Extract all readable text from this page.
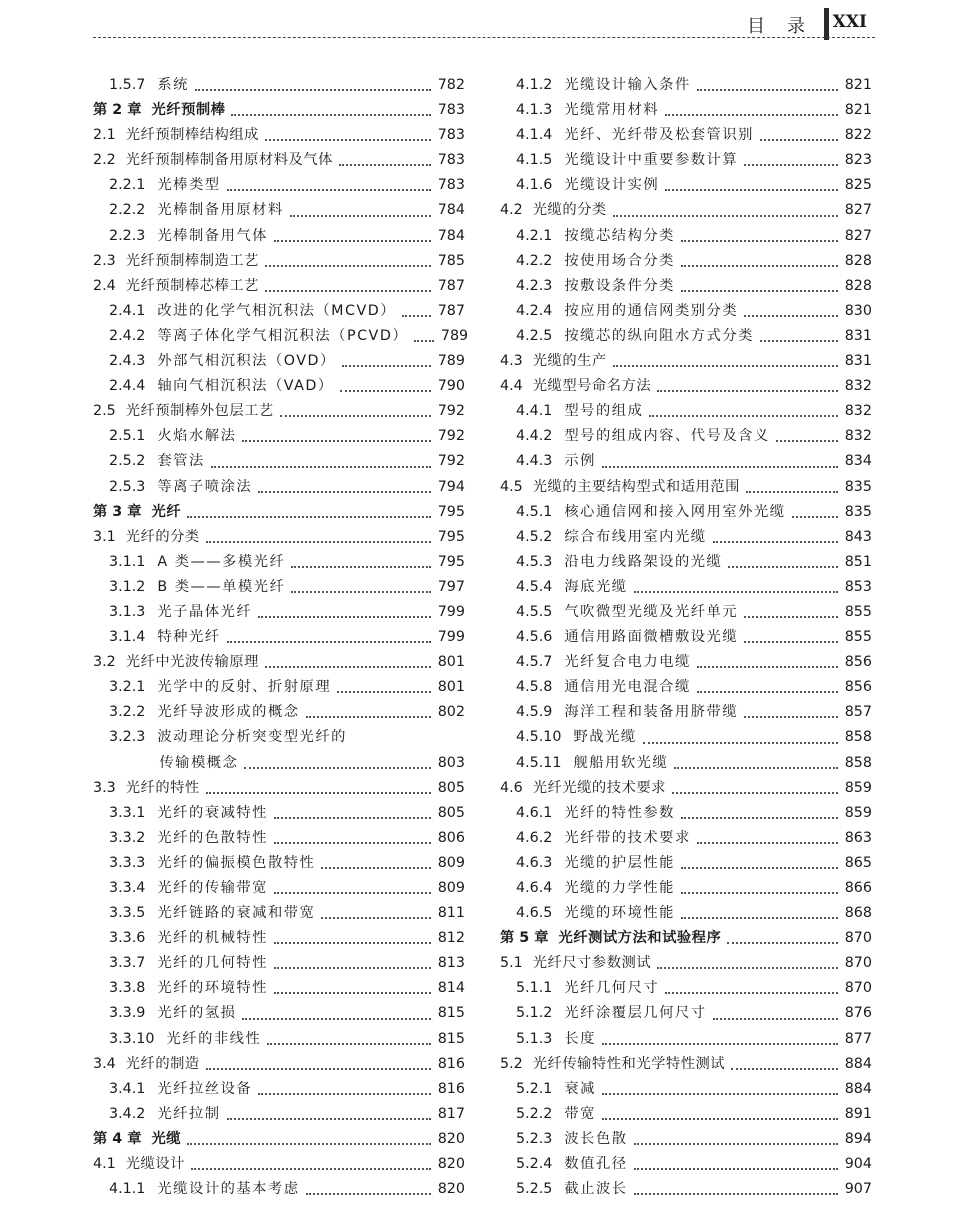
目　录 XXI
1.5.7 系统	782
第 2 章 光纤预制棒	783
2.1 光纤预制棒结构组成	783
2.2 光纤预制棒制备用原材料及气体	783
2.2.1 光棒类型	783
2.2.2 光棒制备用原材料	784
2.2.3 光棒制备用气体	784
2.3 光纤预制棒制造工艺	785
2.4 光纤预制棒芯棒工艺	787
2.4.1 改进的化学气相沉积法（MCVD）	787
2.4.2 等离子体化学气相沉积法（PCVD） 789
2.4.3 外部气相沉积法（OVD）	789
2.4.4 轴向气相沉积法（VAD）	790
2.5 光纤预制棒外包层工艺	792
2.5.1 火焰水解法	792
2.5.2 套管法	792
2.5.3 等离子喷涂法	794
第 3 章 光纤	795
3.1 光纤的分类	795
3.1.1 A 类——多模光纤	795
3.1.2 B 类——单模光纤	797
3.1.3 光子晶体光纤	799
3.1.4 特种光纤	799
3.2 光纤中光波传输原理	801
3.2.1 光学中的反射、折射原理	801
3.2.2 光纤导波形成的概念	802
3.2.3 波动理论分析突变型光纤的
传输模概念	803
3.3 光纤的特性	805
3.3.1 光纤的衰减特性	805
3.3.2 光纤的色散特性	806
3.3.3 光纤的偏振模色散特性	809
3.3.4 光纤的传输带宽	809
3.3.5 光纤链路的衰减和带宽	811
3.3.6 光纤的机械特性	812
3.3.7 光纤的几何特性	813
3.3.8 光纤的环境特性	814
3.3.9 光纤的氢损	815
3.3.10 光纤的非线性	815
3.4 光纤的制造	816
3.4.1 光纤拉丝设备	816
3.4.2 光纤拉制	817
第 4 章 光缆	820
4.1 光缆设计	820
4.1.1 光缆设计的基本考虑	820
4.1.2 光缆设计输入条件	821
4.1.3 光缆常用材料	821
4.1.4 光纤、光纤带及松套管识别	822
4.1.5 光缆设计中重要参数计算	823
4.1.6 光缆设计实例	825
4.2 光缆的分类	827
4.2.1 按缆芯结构分类	827
4.2.2 按使用场合分类	828
4.2.3 按敷设条件分类	828
4.2.4 按应用的通信网类别分类	830
4.2.5 按缆芯的纵向阻水方式分类	831
4.3 光缆的生产	831
4.4 光缆型号命名方法	832
4.4.1 型号的组成	832
4.4.2 型号的组成内容、代号及含义	832
4.4.3 示例	834
4.5 光缆的主要结构型式和适用范围	835
4.5.1 核心通信网和接入网用室外光缆	835
4.5.2 综合布线用室内光缆	843
4.5.3 沿电力线路架设的光缆	851
4.5.4 海底光缆	853
4.5.5 气吹微型光缆及光纤单元	855
4.5.6 通信用路面微槽敷设光缆	855
4.5.7 光纤复合电力电缆	856
4.5.8 通信用光电混合缆	856
4.5.9 海洋工程和装备用脐带缆	857
4.5.10 野战光缆	858
4.5.11 舰船用软光缆	858
4.6 光纤光缆的技术要求	859
4.6.1 光纤的特性参数	859
4.6.2 光纤带的技术要求	863
4.6.3 光缆的护层性能	865
4.6.4 光缆的力学性能	866
4.6.5 光缆的环境性能	868
第 5 章 光纤测试方法和试验程序	870
5.1 光纤尺寸参数测试	870
5.1.1 光纤几何尺寸	870
5.1.2 光纤涂覆层几何尺寸	876
5.1.3 长度	877
5.2 光纤传输特性和光学特性测试	884
5.2.1 衰减	884
5.2.2 带宽	891
5.2.3 波长色散	894
5.2.4 数值孔径	904
5.2.5 截止波长	907
